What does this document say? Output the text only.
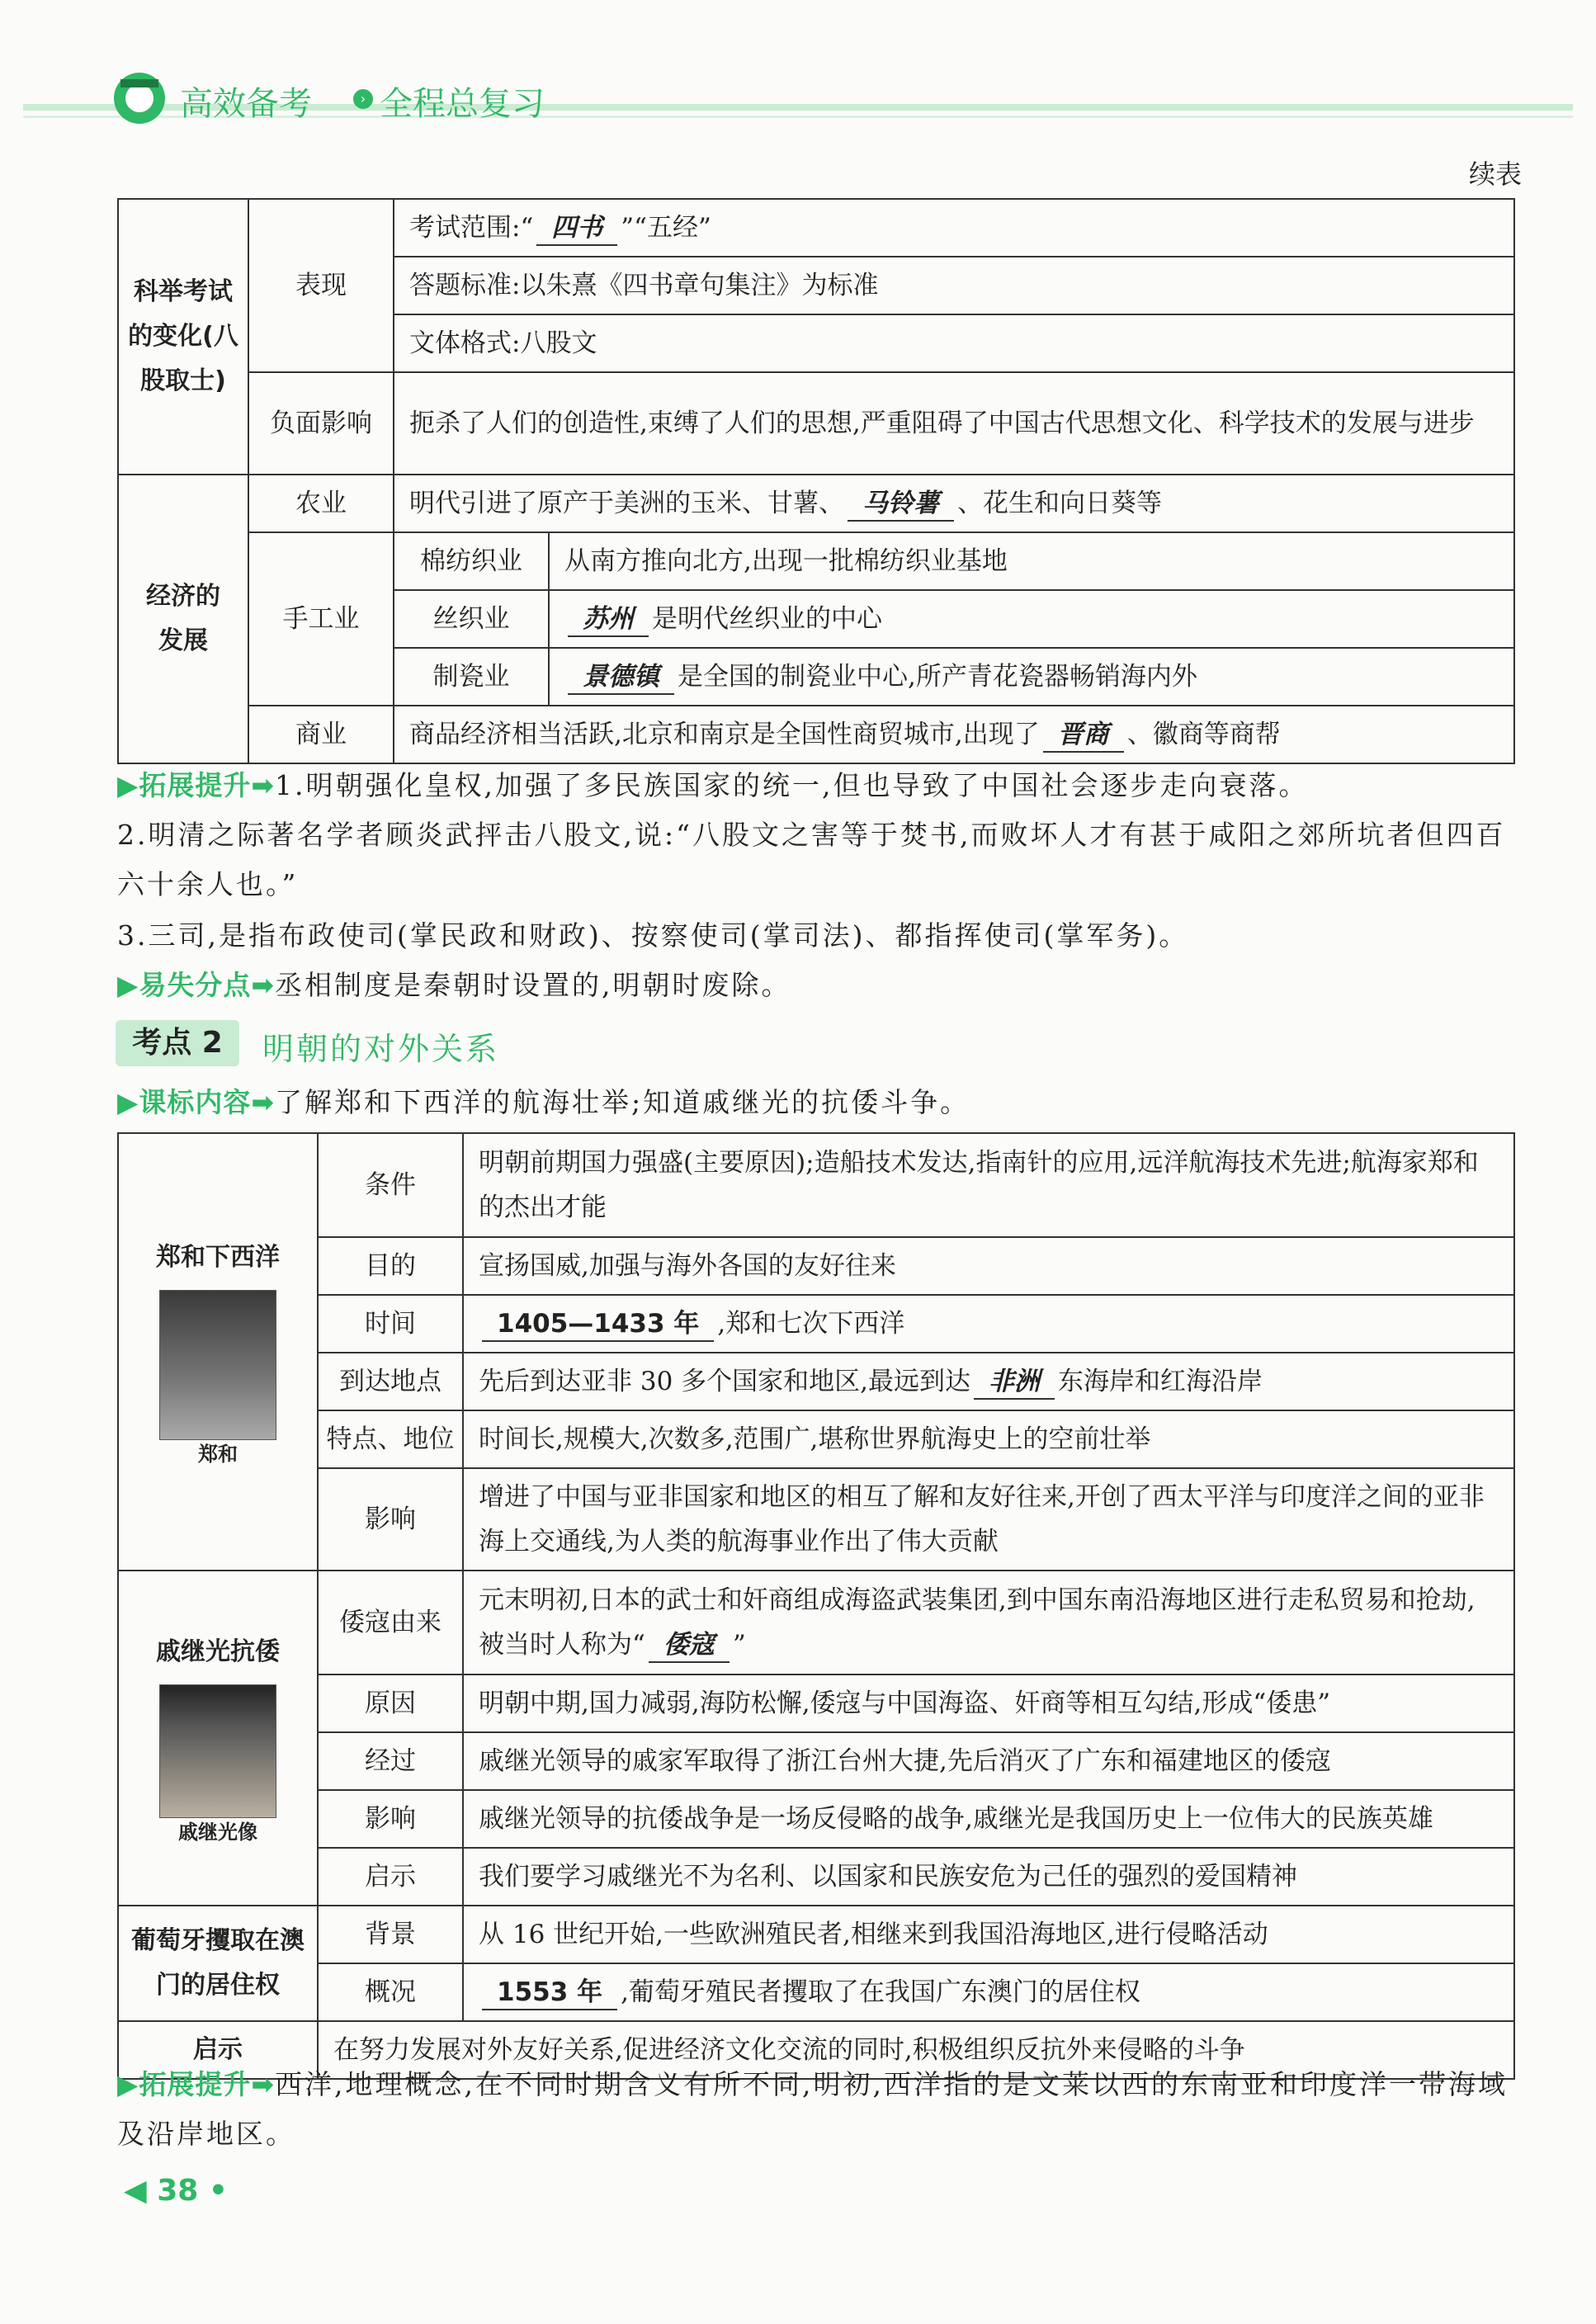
高效备考	› 全程总复习
续表
科举考试的变化(八股取士)	表现	考试范围:“ 四书 ”“五经”	
		答题标准:以朱熹《四书章句集注》为标准	
		文体格式:八股文	
	负面影响	扼杀了人们的创造性,束缚了人们的思想,严重阻碍了中国古代思想文化、科学技术的发展与进步	

经济的发展	农业	明代引进了原产于美洲的玉米、甘薯、 马铃薯 、花生和向日葵等	
	手工业	棉纺织业	从南方推向北方,出现一批棉纺织业基地
		丝织业	苏州 是明代丝织业的中心
		制瓷业	景德镇 是全国的制瓷业中心,所产青花瓷器畅销海内外
	商业	商品经济相当活跃,北京和南京是全国性商贸城市,出现了 晋商 、徽商等商帮	
▶拓展提升➡1.明朝强化皇权,加强了多民族国家的统一,但也导致了中国社会逐步走向衰落。
2.明清之际著名学者顾炎武抨击八股文,说:“八股文之害等于焚书,而败坏人才有甚于咸阳之郊所坑者但四百六十余人也。”
3.三司,是指布政使司(掌民政和财政)、按察使司(掌司法)、都指挥使司(掌军务)。
▶易失分点➡丞相制度是秦朝时设置的,明朝时废除。
考点 2	明朝的对外关系
▶课标内容➡了解郑和下西洋的航海壮举;知道戚继光的抗倭斗争。
郑和下西洋
郑和	条件	明朝前期国力强盛(主要原因);造船技术发达,指南针的应用,远洋航海技术先进;航海家郑和的杰出才能
	目的	宣扬国威,加强与海外各国的友好往来
	时间	1405—1433 年 ,郑和七次下西洋
	到达地点	先后到达亚非 30 多个国家和地区,最远到达 非洲 东海岸和红海沿岸
	特点、地位	时间长,规模大,次数多,范围广,堪称世界航海史上的空前壮举
	影响	增进了中国与亚非国家和地区的相互了解和友好往来,开创了西太平洋与印度洋之间的亚非海上交通线,为人类的航海事业作出了伟大贡献

戚继光抗倭
戚继光像	倭寇由来	元末明初,日本的武士和奸商组成海盗武装集团,到中国东南沿海地区进行走私贸易和抢劫,被当时人称为“ 倭寇 ”
	原因	明朝中期,国力减弱,海防松懈,倭寇与中国海盗、奸商等相互勾结,形成“倭患”
	经过	戚继光领导的戚家军取得了浙江台州大捷,先后消灭了广东和福建地区的倭寇
	影响	戚继光领导的抗倭战争是一场反侵略的战争,戚继光是我国历史上一位伟大的民族英雄
	启示	我们要学习戚继光不为名利、以国家和民族安危为己任的强烈的爱国精神

葡萄牙攫取在澳门的居住权	背景	从 16 世纪开始,一些欧洲殖民者,相继来到我国沿海地区,进行侵略活动
	概况	1553 年 ,葡萄牙殖民者攫取了在我国广东澳门的居住权
启示	在努力发展对外友好关系,促进经济文化交流的同时,积极组织反抗外来侵略的斗争	
▶拓展提升➡西洋,地理概念,在不同时期含义有所不同,明初,西洋指的是文莱以西的东南亚和印度洋一带海域及沿岸地区。
◀ 38 •
